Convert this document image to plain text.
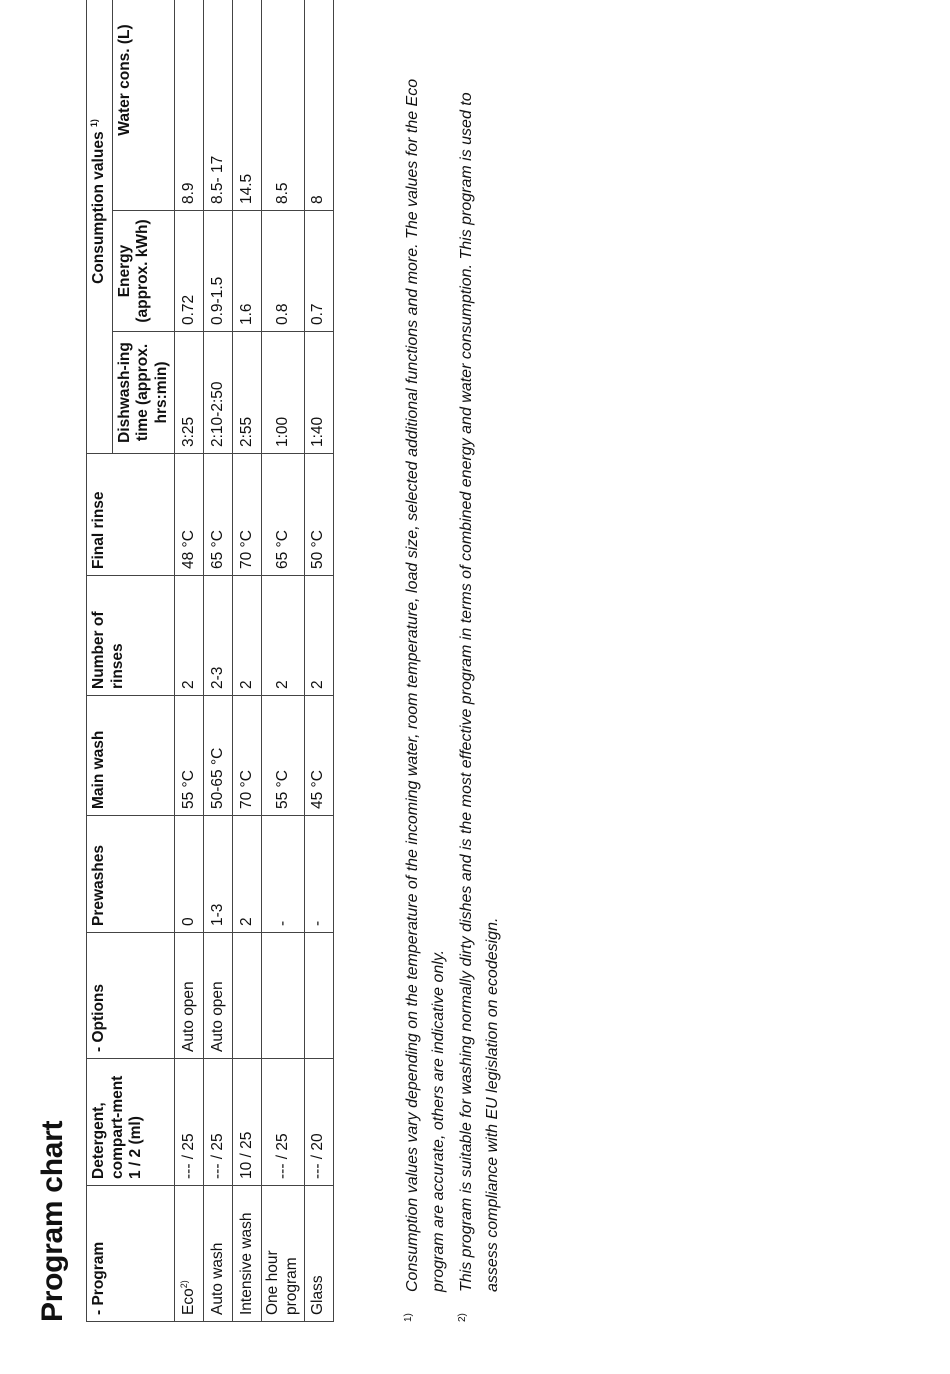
Program chart - Program	Detergent, compart-ment 1 / 2 (ml)	- Options	Prewashes	Main wash	Number of rinses	Final rinse	Consumption values $^{1)}$
							Dishwash-ing time (approx. hrs:min)	Energy (approx. kWh)	Water cons. (L)
Eco$^{2)}$	--- / 25	Auto open	0	55 °C	2	48 °C	3:25	0.72	8.9
Auto wash	--- / 25	Auto open	1-3	50-65 °C	2-3	65 °C	2:10-2:50	0.9-1.5	8.5- 17
Intensive wash	10 / 25		2	70 °C	2	70 °C	2:55	1.6	14.5
One hour program	--- / 25		-	55 °C	2	65 °C	1:00	0.8	8.5
Glass	--- / 20		-	45 °C	2	50 °C	1:40	0.7	8

1)
Consumption values vary depending on the temperature of the incoming water, room temperature, load size, selected additional functions and more. The values for the Eco program are accurate, others are indicative only.

2)
This program is suitable for washing normally dirty dishes and is the most effective program in terms of combined energy and water consumption. This program is used to assess compliance with EU legislation on ecodesign.
